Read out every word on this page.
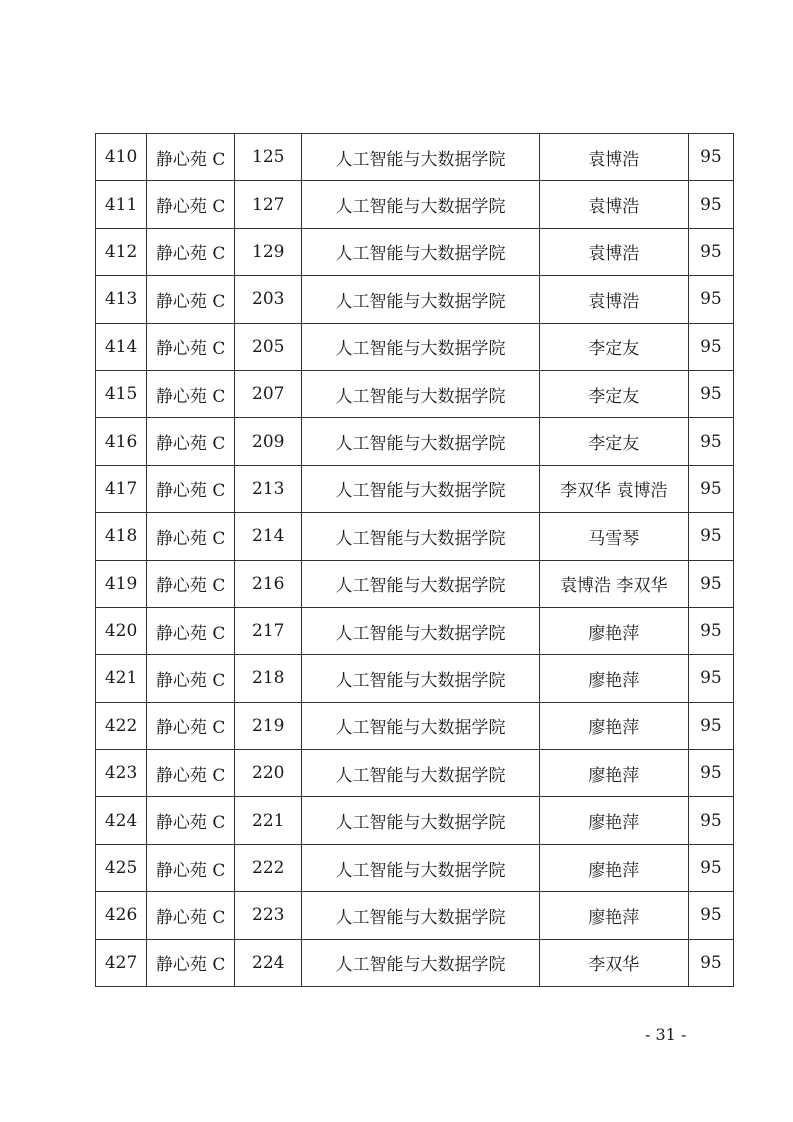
410	静心苑 C	125	人工智能与大数据学院	袁博浩	95
411	静心苑 C	127	人工智能与大数据学院	袁博浩	95
412	静心苑 C	129	人工智能与大数据学院	袁博浩	95
413	静心苑 C	203	人工智能与大数据学院	袁博浩	95
414	静心苑 C	205	人工智能与大数据学院	李定友	95
415	静心苑 C	207	人工智能与大数据学院	李定友	95
416	静心苑 C	209	人工智能与大数据学院	李定友	95
417	静心苑 C	213	人工智能与大数据学院	李双华 袁博浩	95
418	静心苑 C	214	人工智能与大数据学院	马雪琴	95
419	静心苑 C	216	人工智能与大数据学院	袁博浩 李双华	95
420	静心苑 C	217	人工智能与大数据学院	廖艳萍	95
421	静心苑 C	218	人工智能与大数据学院	廖艳萍	95
422	静心苑 C	219	人工智能与大数据学院	廖艳萍	95
423	静心苑 C	220	人工智能与大数据学院	廖艳萍	95
424	静心苑 C	221	人工智能与大数据学院	廖艳萍	95
425	静心苑 C	222	人工智能与大数据学院	廖艳萍	95
426	静心苑 C	223	人工智能与大数据学院	廖艳萍	95
427	静心苑 C	224	人工智能与大数据学院	李双华	95
- 31 -
